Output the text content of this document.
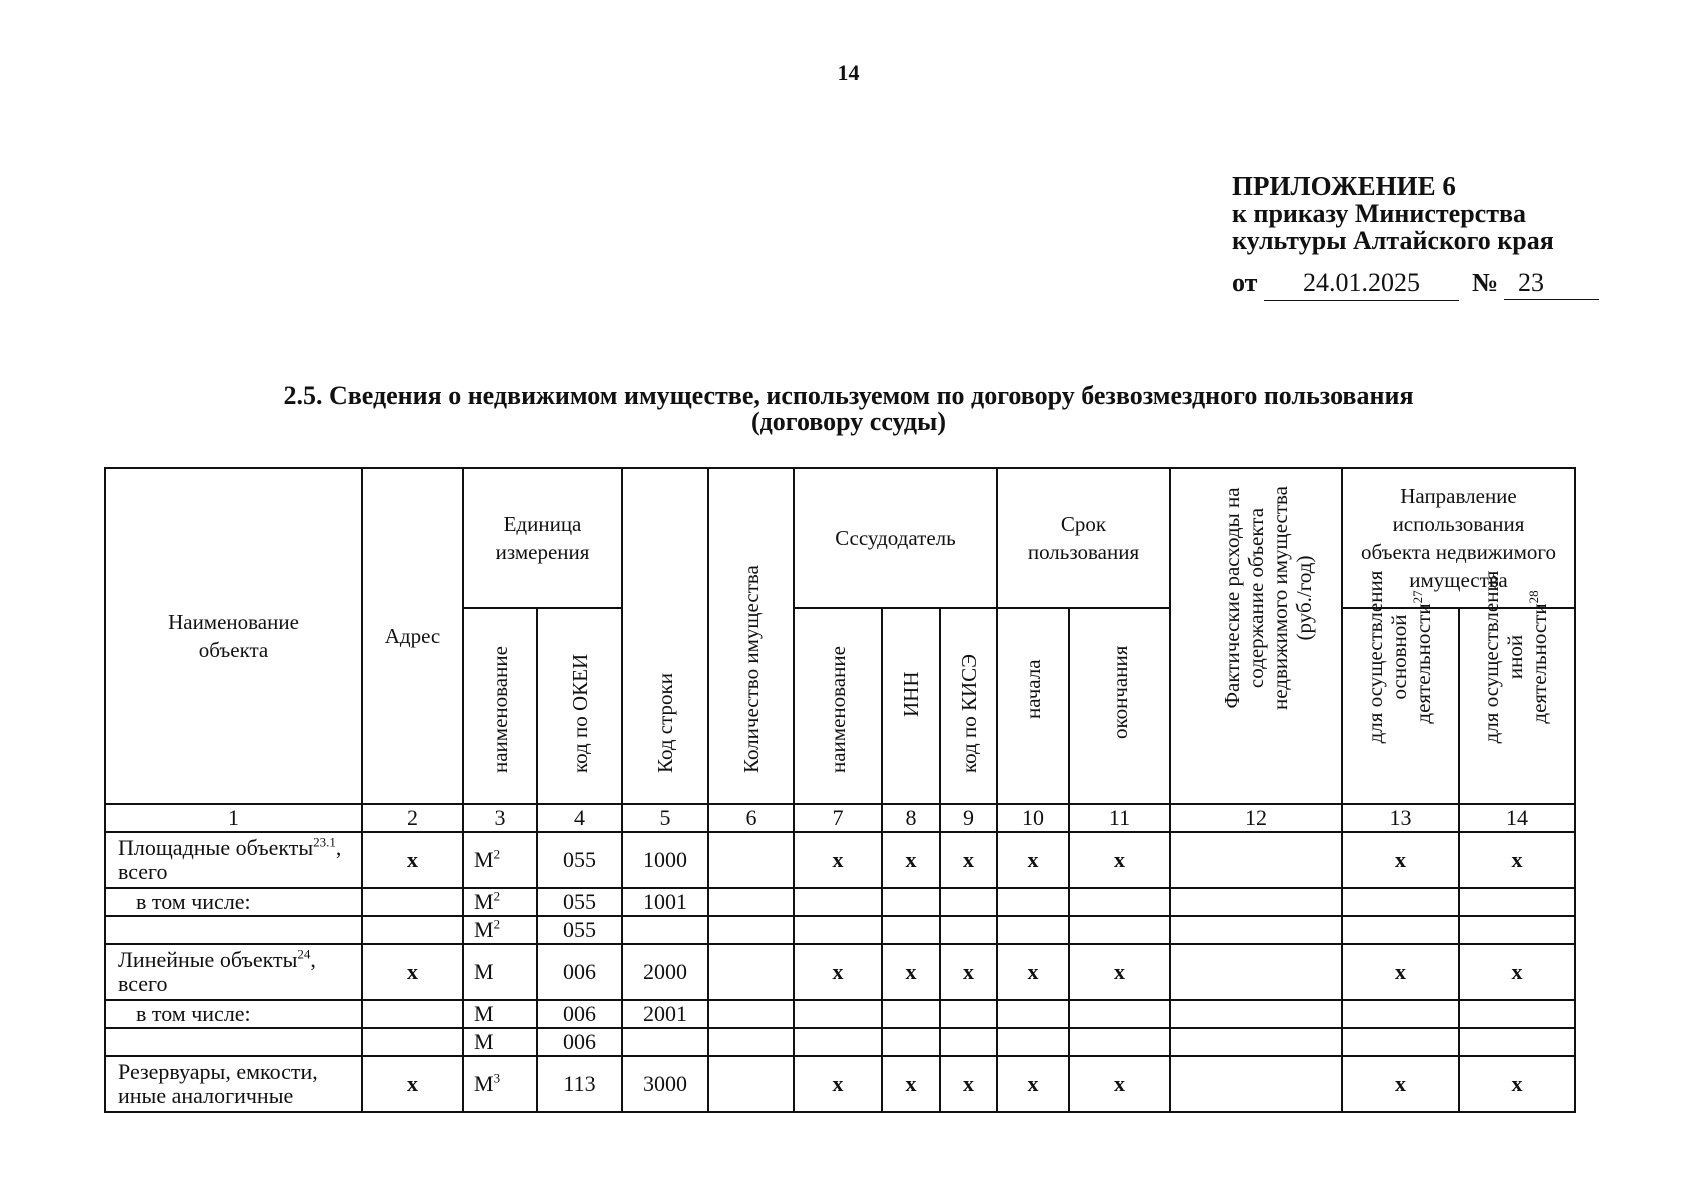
14
ПРИЛОЖЕНИЕ 6
к приказу Министерства
культуры Алтайского края
от	24.01.2025	№ 23
2.5. Сведения о недвижимом имуществе, используемом по договору безвозмездного пользования
(договору ссуды)
Наименование объекта	Адрес	Единица измерения		Код строки	Количество имущества	Сссудодатель			Срок пользования		Фактические расходы на содержание объекта недвижимого имущества (руб./год)	Направление использования объекта недвижимого имущества	

		наименование	код по ОКЕИ			наименование	ИНН	код по КИСЭ	начала	окончания		для осуществления основной деятельности$^{27}$	для осуществления иной деятельности$^{28}$

1	2	3	4	5	6	7	8	9	10	11	12	13	14
Площадные объекты$^{23.1}$, всего	x	$М^2$	055	1000		x	x	x	x	x		x	x
в том числе:		$М^2$	055	1001									
		$М^2$	055										
Линейные объекты$^{24}$, всего	x	М	006	2000		x	x	x	x	x		x	x
в том числе:		М	006	2001									
		М	006										
Резервуары, емкости, иные аналогичные	x	$М^3$	113	3000		x	x	x	x	x		x	x
